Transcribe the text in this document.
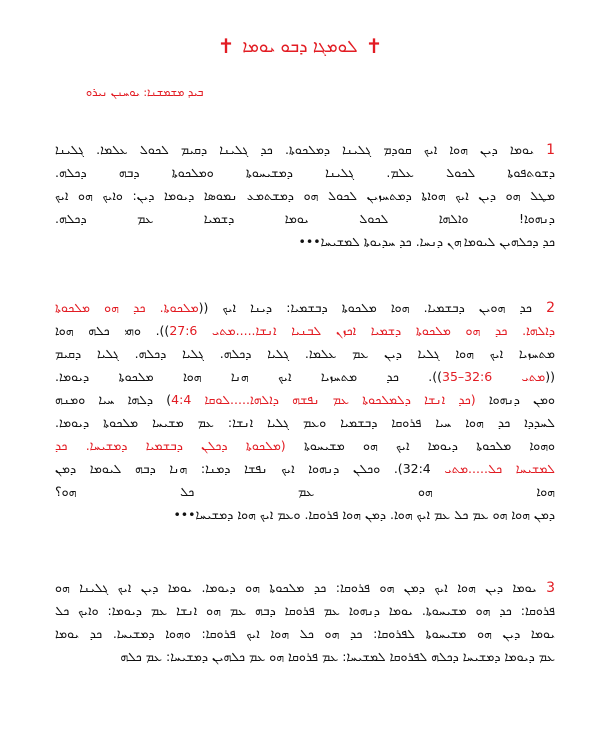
✝ ܠܘܡܓܐ ܕܒܘ ܝܘܡܐ ✝
ܒܝܕ ܡܫܡܫܢܐ: ܝܘܚܢܢ ܢܝܪܘ
1 ܝܘܡܐ ܕܝܢ ܗܘܐ ܐܝܟ ܩܘܕܡ ܓܠܝܢܐ ܕܡܠܟܘܬܐ. ܟܕ ܓܠܝܢܐ ܕܩܝܡ ܠܟܘܠ ܥܠܡܐ. ܓܠܝܢܐ
ܕܫܘܬܦܘܬܐ ܠܟܘܠ ܥܠܡ. ܓܠܝܢܐ ܕܡܫܝܚܘܬܐ ܘܡܠܟܘܬܐ ܕܒܗ ܕܟܠܗ.
ܡܛܠ ܗܘ ܕܝܢ ܐܝܟ ܗܘܐܬܐ ܕܡܬܚܙܝܢ ܠܟܘܠ ܗܘ ܕܡܫܬܡܥ ܢܡܘܣܐ ܕܝܘܡܐ ܕܝܢ: ܘܐܝܟ ܗܘ ܐܝܟ
ܕܢܗܘܐ! ܘܐܠܗܐ ܠܟܘܠ ܝܘܡܐ ܕܫܡܝܐ ܥܡ ܕܟܠܗ.
ܟܕ ܕܟܠܗܝܢ ܠܝܘܡܐ ܗܢ ܕܢܚܐ. ܟܕ ܚܕܝܘܬܐ ܠܡܫܝܚܐ•••
2 ܟܕ ܗܘܝܢ ܕܒܫܡܝܐ. ܗܘܐ ܡܠܟܘܬܐ ܕܒܫܡܝܐ: ܕܝܢܐ ܐܝܟ ((ܡܠܟܘܬܐ. ܟܕ ܗܘ ܡܠܟܘܬܐ
ܕܐܠܗܐ. ܟܕ ܗܘ ܡܠܟܘܬܐ ܕܫܡܝܐ ܐܟܙܢ ܠܒܢܝܐ ܐܢܫܐ.....ܡܬܝ 27:6)). ܘܗܝ ܟܠܗ ܗܘܐ
ܡܬܚܙܝܐ ܐܝܟ ܗܘܐ ܓܠܝܐ ܕܝܢ ܥܡ ܥܠܡܐ. ܓܠܝܐ ܕܟܠܗ. ܓܠܝܐ ܕܟܠܗ. ܓܠܝܐ ܕܩܝܡ
((ܡܬܝ 32:6–35)). ܟܕ ܡܬܚܙܝܐ ܐܝܟ ܗܢܐ ܗܘܐ ܡܠܟܘܬܐ ܕܝܘܡܐ.
ܘܡܢ ܕܢܗܘܐ (ܟܕ ܐܢܫܐ ܕܠܡܠܟܘܬܐ ܥܡ ܢܦܫܗ ܕܐܠܗܐ.....ܠܘܩܐ 4:4) ܕܠܗܐ ܚܝܐ ܘܡܢܗ
ܠܚܕܕܐ ܟܕ ܗܘܐ ܚܝܐ ܦܪܘܩܐ ܕܒܫܡܝܐ ܘܥܡ ܓܠܝܐ ܐܢܫܐ: ܥܡ ܡܫܝܚܐ ܡܠܟܘܬܐ ܕܝܘܡܐ.
ܘܗܘܐ ܡܠܟܘܬܐ ܕܝܘܡܐ ܐܝܟ ܗܘ ܡܫܝܚܘܬܐ (ܡܠܟܘܬܐ ܕܟܠܢ ܕܒܫܡܝܐ ܕܡܫܝܚܐ. ܟܕ
ܠܡܫܝܚܐ ܟܠ.....ܡܬܝ 32:4). ܘܟܠܢ ܕܢܗܘܐ ܐܝܟ ܢܦܫܐ ܕܡܢܐ: ܗܢܐ ܕܒܗ ܠܝܘܡܐ ܕܡܢ
ܗܘܐ ܗܘ ܥܡ ܟܠ ܗܘ؟
ܕܡܢ ܗܘܐ ܗܘ ܥܡ ܟܠ ܥܡ ܐܝܟ ܗܘܐ. ܕܡܢ ܗܘܐ ܦܪܘܩܐ. ܘܥܡ ܐܝܟ ܗܘܐ ܕܡܫܝܚܐ•••
3 ܝܘܡܐ ܕܝܢ ܗܘܐ ܐܝܟ ܕܡܢ ܗܘ ܦܪܘܩܐ: ܟܕ ܡܠܟܘܬܐ ܗܘ ܕܝܘܡܐ. ܝܘܡܐ ܕܝܢ ܐܝܟ ܓܠܝܢܐ ܗܘ
ܦܪܘܩܐ: ܟܕ ܗܘ ܡܫܝܚܘܬܐ. ܝܘܡܐ ܕܢܗܘܐ ܥܡ ܦܪܘܩܐ ܕܒܗ ܥܡ ܗܘ ܐܢܫܐ ܥܡ ܕܝܘܡܐ: ܘܐܝܟ ܟܠ
ܝܘܡܐ ܕܝܢ ܗܘ ܡܫܝܚܘܬܐ ܠܦܪܘܩܐ: ܟܕ ܗܘ ܟܠ ܗܘܐ ܐܝܟ ܦܪܘܩܐ: ܘܗܘܐ ܕܡܫܝܚܐ. ܟܕ ܝܘܡܐ
ܥܡ ܕܝܘܡܐ ܕܡܫܝܚܐ ܕܟܠܗ ܠܦܪܘܩܐ ܠܡܫܝܚܐ: ܥܡ ܦܪܘܩܐ ܗܘ ܥܡ ܟܠܗܝܢ ܕܡܫܝܚܐ: ܥܡ ܟܠܗ
